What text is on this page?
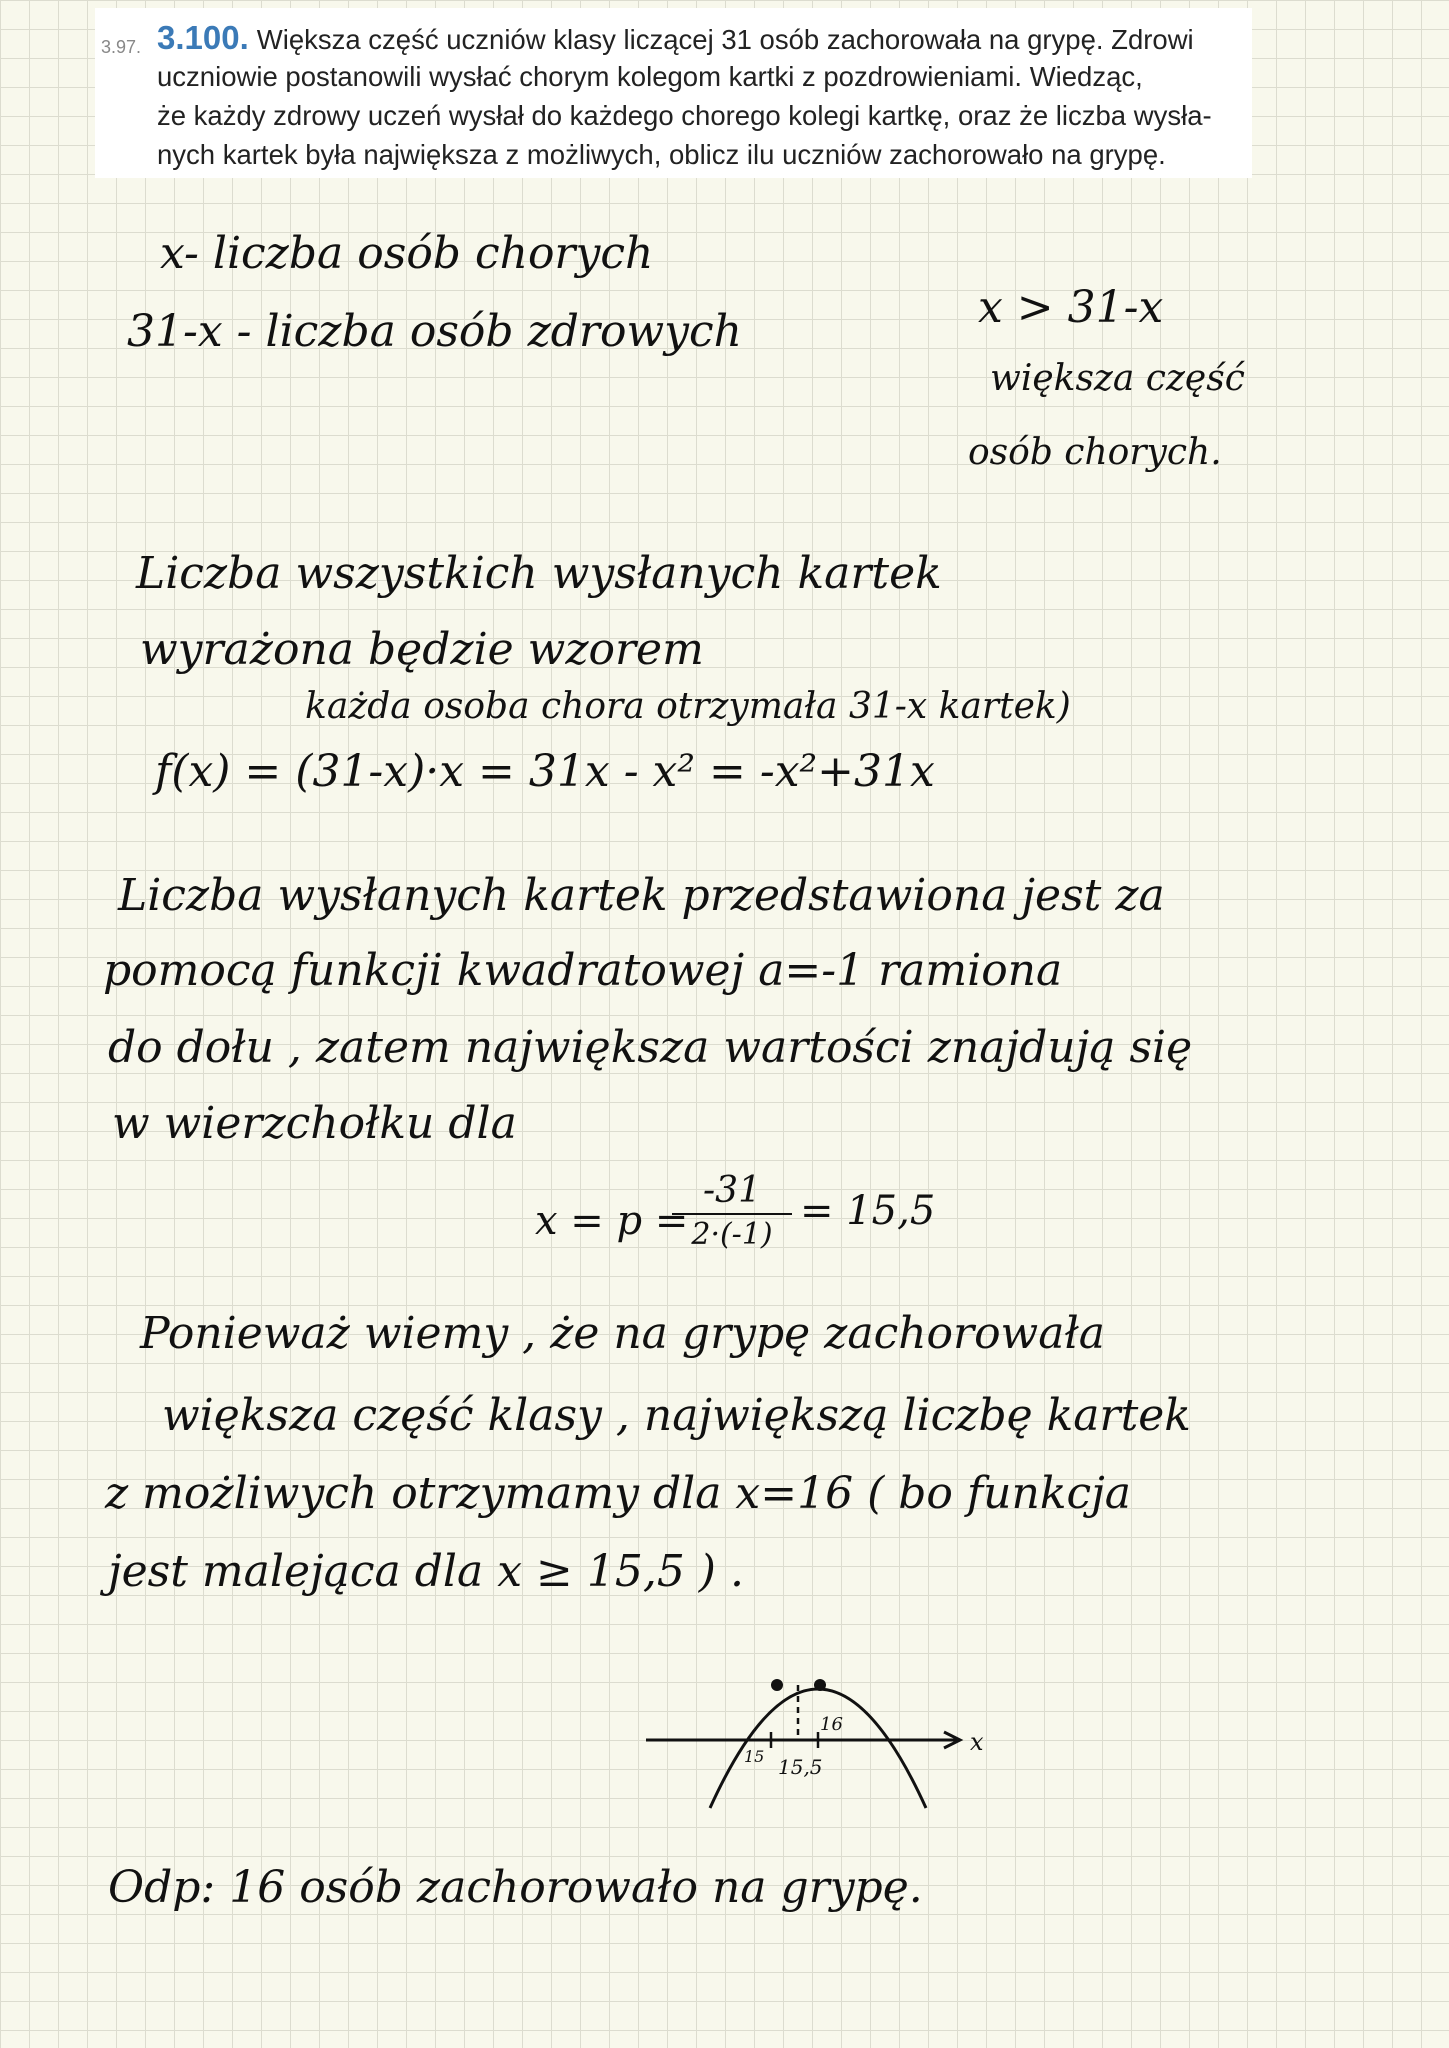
3.97. 3.100. Większa część uczniów klasy liczącej 31 osób zachorowała na grypę. Zdrowi
uczniowie postanowili wysłać chorym kolegom kartki z pozdrowieniami. Wiedząc,
że każdy zdrowy uczeń wysłał do każdego chorego kolegi kartkę, oraz że liczba wysła-
nych kartek była największa z możliwych, oblicz ilu uczniów zachorowało na grypę.
x- liczba osób chorych
31-x - liczba osób zdrowych	x > 31-x
większa część
osób chorych.
Liczba wszystkich wysłanych kartek
wyrażona będzie wzorem
każda osoba chora otrzymała 31-x kartek)
f(x) = (31-x)·x = 31x - x² = -x²+31x
Liczba wysłanych kartek przedstawiona jest za
pomocą funkcji kwadratowej a=-1 ramiona
do dołu , zatem największa wartości znajdują się
w wierzchołku dla
x = p =
-31
2·(-1)
= 15,5
Ponieważ wiemy , że na grypę zachorowała
większa część klasy , największą liczbę kartek
z możliwych otrzymamy dla x=16 ( bo funkcja
jest malejąca dla x ≥ 15,5 ) .
x
15
16
15,5
Odp: 16 osób zachorowało na grypę.
